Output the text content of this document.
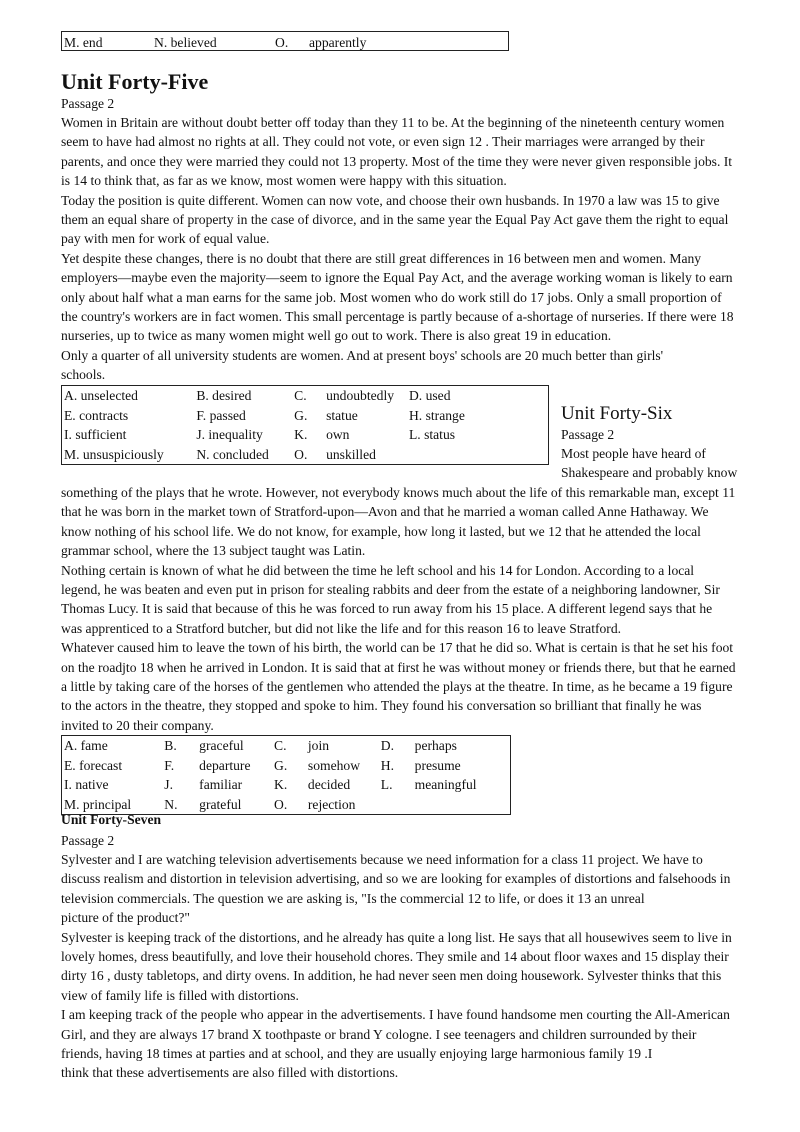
M. end	N. believed	O. apparently
Unit Forty-Five
Passage 2

Women in Britain are without doubt better off today than they 11 to be. At the beginning of the nineteenth century women

seem to have had almost no rights at all. They could not vote, or even sign 12 . Their marriages were arranged by their

parents, and once they were married they could not 13 property. Most of the time they were never given responsible jobs. It

is 14 to think that, as far as we know, most women were happy with this situation.

Today the position is quite different. Women can now vote, and choose their own husbands. In 1970 a law was 15 to give

them an equal share of property in the case of divorce, and in the same year the Equal Pay Act gave them the right to equal

pay with men for work of equal value.

Yet despite these changes, there is no doubt that there are still great differences in 16 between men and women. Many

employers—maybe even the majority—seem to ignore the Equal Pay Act, and the average working woman is likely to earn

only about half what a man earns for the same job. Most women who do work still do 17 jobs. Only a small proportion of

the country's workers are in fact women. This small percentage is partly because of a-shortage of nurseries. If there were 18

nurseries, up to twice as many women might well go out to work. There is also great 19 in education.

Only a quarter of all university students are women. And at present boys' schools are 20 much better than girls'

schools.

A. unselected	B. desired	C.	undoubtedly	D. used
E. contracts	F. passed	G.	statue	H. strange
I. sufficient	J. inequality	K.	own	L. status
M. unsuspiciously	N. concluded	O.	unskilled	
Unit Forty-Six
Passage 2

Most people have heard of

Shakespeare and probably know

something of the plays that he wrote. However, not everybody knows much about the life of this remarkable man, except 11

that he was born in the market town of Stratford-upon—Avon and that he married a woman called Anne Hathaway. We

know nothing of his school life. We do not know, for example, how long it lasted, but we 12 that he attended the local

grammar school, where the 13 subject taught was Latin.

Nothing certain is known of what he did between the time he left school and his 14 for London. According to a local

legend, he was beaten and even put in prison for stealing rabbits and deer from the estate of a neighboring landowner, Sir

Thomas Lucy. It is said that because of this he was forced to run away from his 15 place. A different legend says that he

was apprenticed to a Stratford butcher, but did not like the life and for this reason 16 to leave Stratford.

Whatever caused him to leave the town of his birth, the world can be 17 that he did so. What is certain is that he set his foot

on the roadjto 18 when he arrived in London. It is said that at first he was without money or friends there, but that he earned

a little by taking care of the horses of the gentlemen who attended the plays at the theatre. In time, as he became a 19 figure

to the actors in the theatre, they stopped and spoke to him. They found his conversation so brilliant that finally he was

invited to 20 their company.

A. fame	B.	graceful	C.	join	D.	perhaps
E. forecast	F.	departure	G.	somehow	H.	presume
I. native	J.	familiar	K.	decided	L.	meaningful
M. principal	N.	grateful	O.	rejection		
Unit Forty-Seven
Passage 2

Sylvester and I are watching television advertisements because we need information for a class 11 project. We have to

discuss realism and distortion in television advertising, and so we are looking for examples of distortions and falsehoods in

television commercials. The question we are asking is, "Is the commercial 12 to life, or does it 13 an unreal

picture of the product?"

Sylvester is keeping track of the distortions, and he already has quite a long list. He says that all housewives seem to live in

lovely homes, dress beautifully, and love their household chores. They smile and 14 about floor waxes and 15 display their

dirty 16 , dusty tabletops, and dirty ovens. In addition, he had never seen men doing housework. Sylvester thinks that this

view of family life is filled with distortions.

I am keeping track of the people who appear in the advertisements. I have found handsome men courting the All-American

Girl, and they are always 17 brand X toothpaste or brand Y cologne. I see teenagers and children surrounded by their

friends, having 18 times at parties and at school, and they are usually enjoying large harmonious family 19 .I

think that these advertisements are also filled with distortions.
